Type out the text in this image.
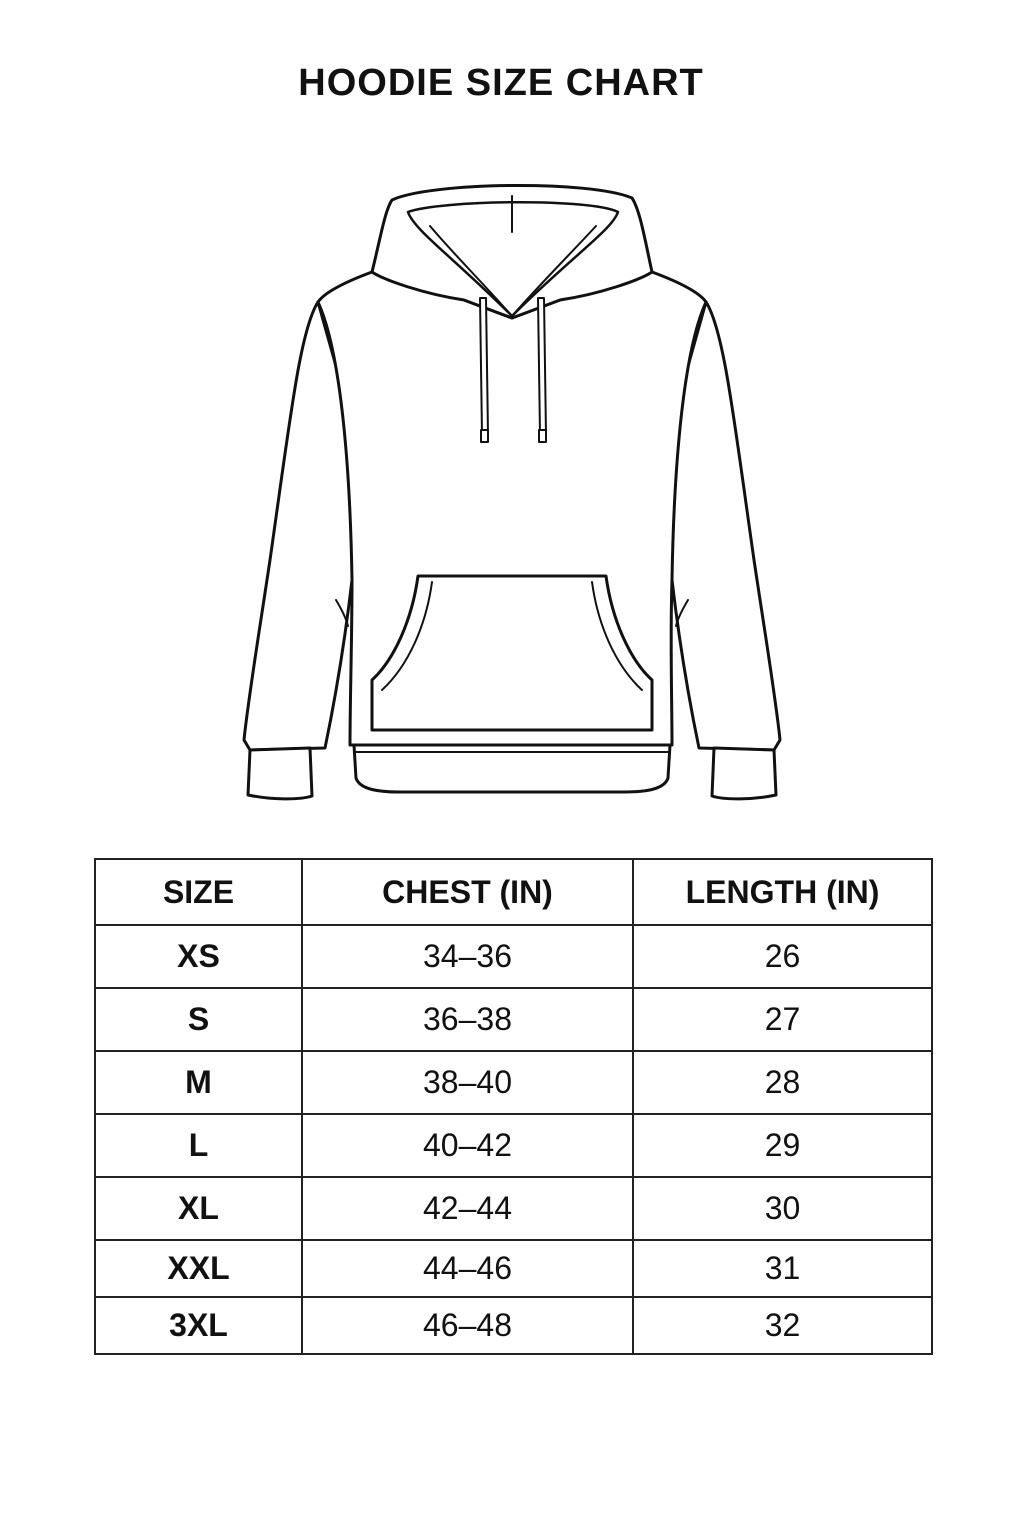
HOODIE SIZE CHART
SIZE	CHEST (IN)	LENGTH (IN)
XS	34–36	26
S	36–38	27
M	38–40	28
L	40–42	29
XL	42–44	30
XXL	44–46	31
3XL	46–48	32
